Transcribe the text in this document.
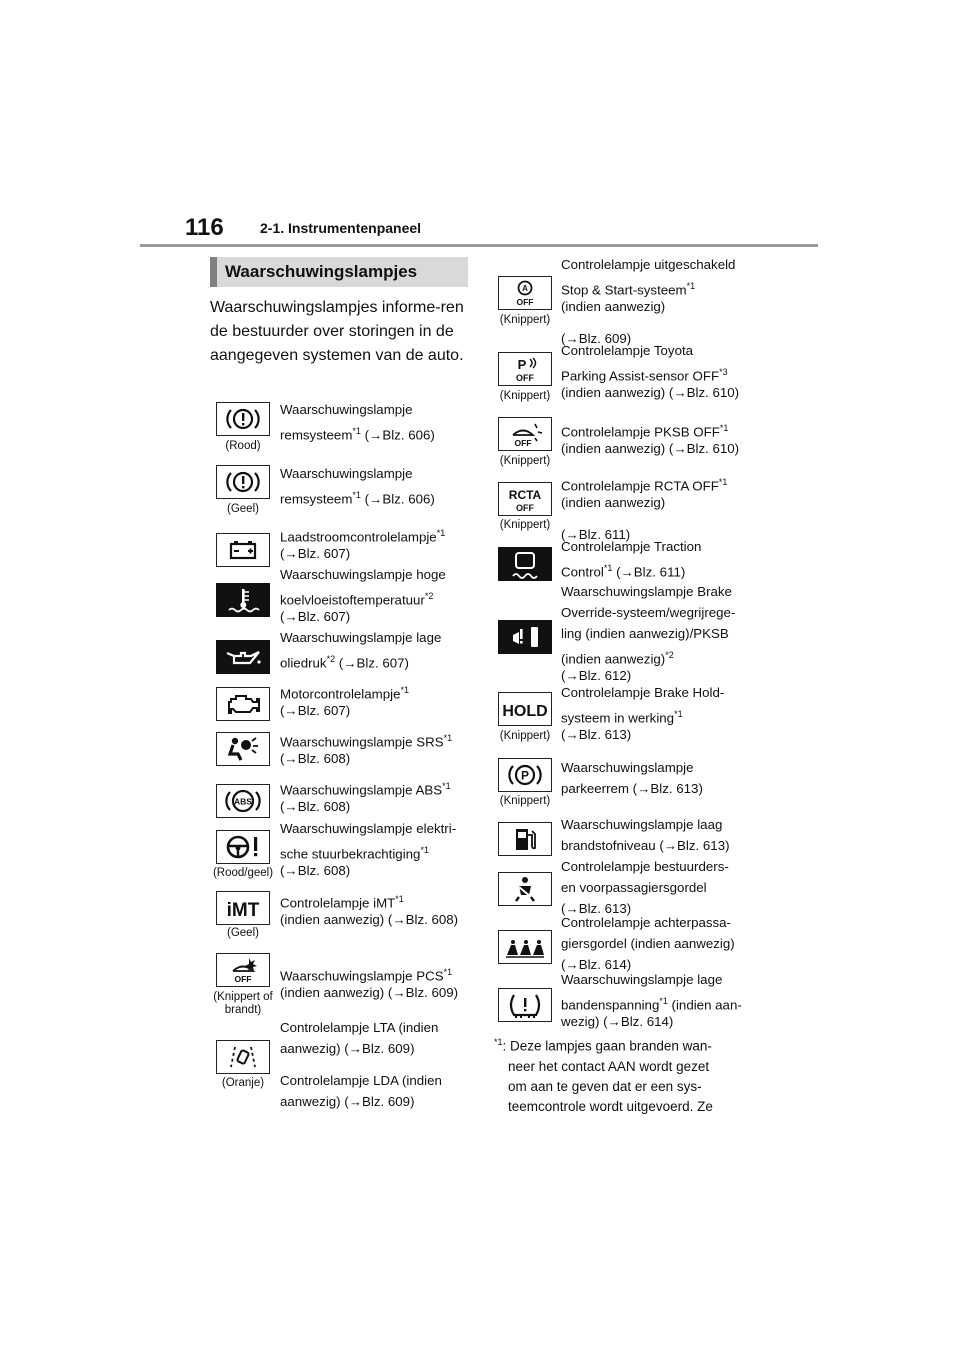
116	2-1. Instrumentenpaneel
Waarschuwingslampjes
Waarschuwingslampjes informe-ren de bestuurder over storingen in de aangegeven systemen van de auto.
(Rood)
Waarschuwingslampje
remsysteem$^{*1}$ (→Blz. 606)
(Geel)
Waarschuwingslampje
remsysteem$^{*1}$ (→Blz. 606)
Laadstroomcontrolelampje$^{*1}$
(→Blz. 607)
Waarschuwingslampje hoge
koelvloeistoftemperatuur$^{*2}$
(→Blz. 607)
Waarschuwingslampje lage
oliedruk$^{*2}$ (→Blz. 607)
Motorcontrolelampje$^{*1}$
(→Blz. 607)
Waarschuwingslampje SRS$^{*1}$
(→Blz. 608)
ABS
Waarschuwingslampje ABS$^{*1}$
(→Blz. 608)
(Rood/geel)
Waarschuwingslampje elektri-
sche stuurbekrachtiging$^{*1}$
(→Blz. 608)
iMT
(Geel)
Controlelampje iMT$^{*1}$
(indien aanwezig) (→Blz. 608)
OFF
(Knippert of brandt)
Waarschuwingslampje PCS$^{*1}$
(indien aanwezig) (→Blz. 609)
(Oranje)
Controlelampje LTA (indien
aanwezig) (→Blz. 609)
Controlelampje LDA (indien
aanwezig) (→Blz. 609)
A
OFF
(Knippert)
Controlelampje uitgeschakeld
Stop & Start-systeem$^{*1}$
(indien aanwezig)
(→Blz. 609)
P
OFF
(Knippert)
Controlelampje Toyota
Parking Assist-sensor OFF$^{*3}$
(indien aanwezig) (→Blz. 610)
OFF
(Knippert)
Controlelampje PKSB OFF$^{*1}$
(indien aanwezig) (→Blz. 610)
RCTA
OFF
(Knippert)
Controlelampje RCTA OFF$^{*1}$
(indien aanwezig)
(→Blz. 611)
Controlelampje Traction
Control$^{*1}$ (→Blz. 611)
Waarschuwingslampje Brake
Override-systeem/wegrijrege-
ling (indien aanwezig)/PKSB
(indien aanwezig)$^{*2}$
(→Blz. 612)
HOLD
(Knippert)
Controlelampje Brake Hold-
systeem in werking$^{*1}$
(→Blz. 613)
P
(Knippert)
Waarschuwingslampje
parkeerrem (→Blz. 613)
Waarschuwingslampje laag
brandstofniveau (→Blz. 613)
Controlelampje bestuurders-
en voorpassagiersgordel
(→Blz. 613)
Controlelampje achterpassa-
giersgordel (indien aanwezig)
(→Blz. 614)
Waarschuwingslampje lage
bandenspanning$^{*1}$ (indien aan-
wezig) (→Blz. 614)
$^{*1}$: Deze lampjes gaan branden wan-
neer het contact AAN wordt gezet
om aan te geven dat er een sys-
teemcontrole wordt uitgevoerd. Ze
